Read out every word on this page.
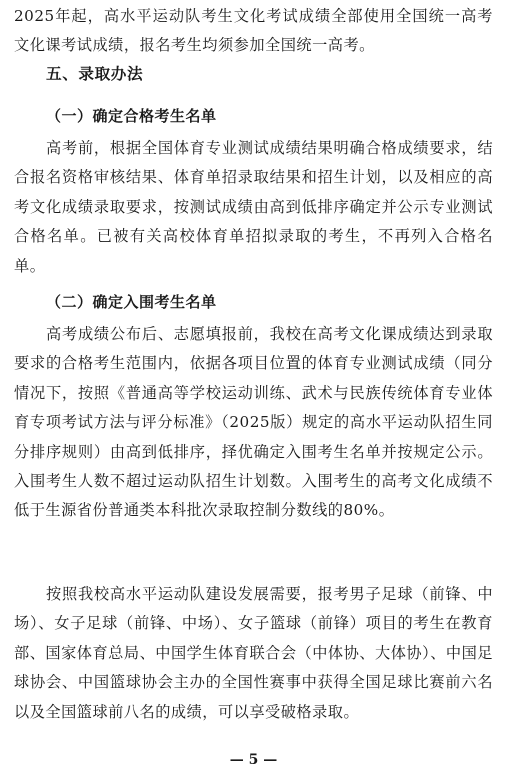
2025年起，高水平运动队考生文化考试成绩全部使用全国统一高考文化课考试成绩，报名考生均须参加全国统一高考。

五、录取办法
（一）确定合格考生名单

高考前，根据全国体育专业测试成绩结果明确合格成绩要求，结合报名资格审核结果、体育单招录取结果和招生计划，以及相应的高考文化成绩录取要求，按测试成绩由高到低排序确定并公示专业测试合格名单。已被有关高校体育单招拟录取的考生，不再列入合格名单。

（二）确定入围考生名单

高考成绩公布后、志愿填报前，我校在高考文化课成绩达到录取要求的合格考生范围内，依据各项目位置的体育专业测试成绩（同分情况下，按照《普通高等学校运动训练、武术与民族传统体育专业体育专项考试方法与评分标准》（2025版）规定的高水平运动队招生同分排序规则）由高到低排序，择优确定入围考生名单并按规定公示。入围考生人数不超过运动队招生计划数。入围考生的高考文化成绩不低于生源省份普通类本科批次录取控制分数线的80%。

按照我校高水平运动队建设发展需要，报考男子足球（前锋、中场）、女子足球（前锋、中场）、女子篮球（前锋）项目的考生在教育部、国家体育总局、中国学生体育联合会（中体协、大体协）、中国足球协会、中国篮球协会主办的全国性赛事中获得全国足球比赛前六名以及全国篮球前八名的成绩，可以享受破格录取。

— 5 —
